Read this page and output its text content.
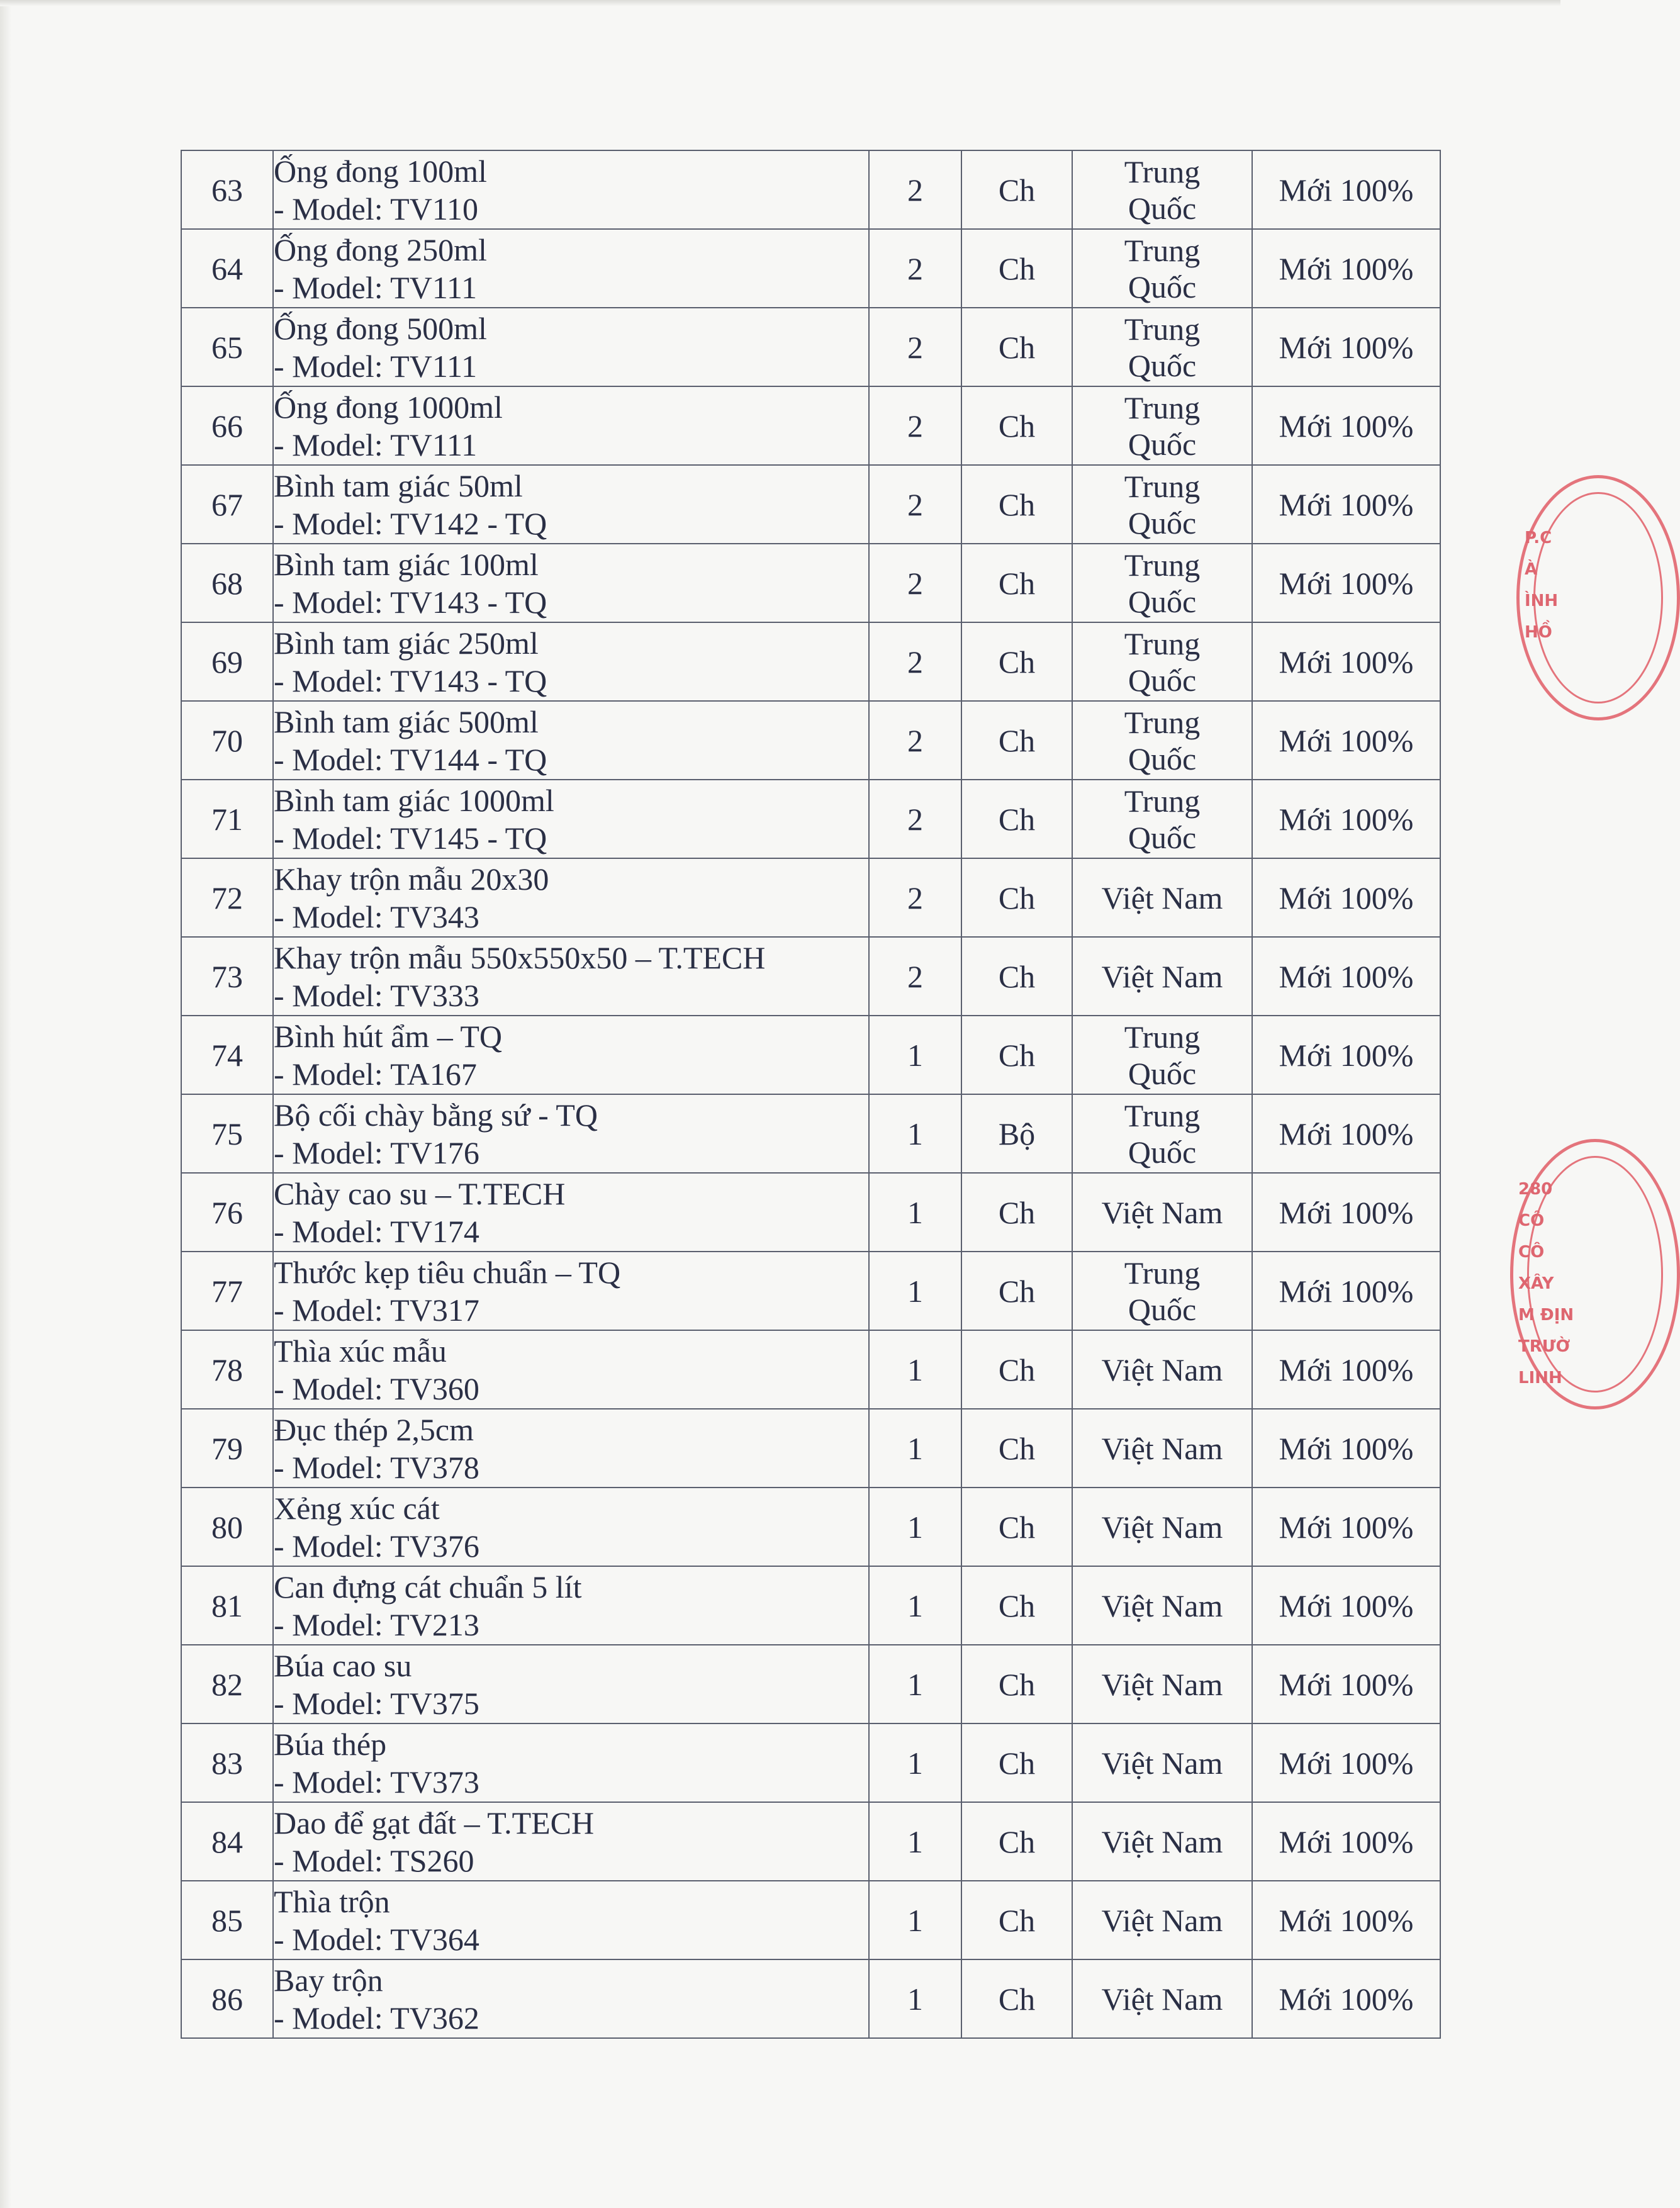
63	Ống đong 100ml
- Model: TV110	2	Ch	Trung
Quốc	Mới 100%
64	Ống đong 250ml
- Model: TV111	2	Ch	Trung
Quốc	Mới 100%
65	Ống đong 500ml
- Model: TV111	2	Ch	Trung
Quốc	Mới 100%
66	Ống đong 1000ml
- Model: TV111	2	Ch	Trung
Quốc	Mới 100%
67	Bình tam giác 50ml
- Model: TV142 - TQ	2	Ch	Trung
Quốc	Mới 100%
68	Bình tam giác 100ml
- Model: TV143 - TQ	2	Ch	Trung
Quốc	Mới 100%
69	Bình tam giác 250ml
- Model: TV143 - TQ	2	Ch	Trung
Quốc	Mới 100%
70	Bình tam giác 500ml
- Model: TV144 - TQ	2	Ch	Trung
Quốc	Mới 100%
71	Bình tam giác 1000ml
- Model: TV145 - TQ	2	Ch	Trung
Quốc	Mới 100%
72	Khay trộn mẫu 20x30
- Model: TV343	2	Ch	Việt Nam	Mới 100%
73	Khay trộn mẫu 550x550x50 – T.TECH
- Model: TV333	2	Ch	Việt Nam	Mới 100%
74	Bình hút ẩm – TQ
- Model: TA167	1	Ch	Trung
Quốc	Mới 100%
75	Bộ cối chày bằng sứ - TQ
- Model: TV176	1	Bộ	Trung
Quốc	Mới 100%
76	Chày cao su – T.TECH
- Model: TV174	1	Ch	Việt Nam	Mới 100%
77	Thước kẹp tiêu chuẩn – TQ
- Model: TV317	1	Ch	Trung
Quốc	Mới 100%
78	Thìa xúc mẫu
- Model: TV360	1	Ch	Việt Nam	Mới 100%
79	Đục thép 2,5cm
- Model: TV378	1	Ch	Việt Nam	Mới 100%
80	Xẻng xúc cát
- Model: TV376	1	Ch	Việt Nam	Mới 100%
81	Can đựng cát chuẩn 5 lít
- Model: TV213	1	Ch	Việt Nam	Mới 100%
82	Búa cao su
- Model: TV375	1	Ch	Việt Nam	Mới 100%
83	Búa thép
- Model: TV373	1	Ch	Việt Nam	Mới 100%
84	Dao để gạt đất – T.TECH
- Model: TS260	1	Ch	Việt Nam	Mới 100%
85	Thìa trộn
- Model: TV364	1	Ch	Việt Nam	Mới 100%
86	Bay trộn
- Model: TV362	1	Ch	Việt Nam	Mới 100%
P.C
À
ÌNH
HỒ
280
CÔ
CÔ
XÂY
M ĐỊN
TRƯỜ
LINH
